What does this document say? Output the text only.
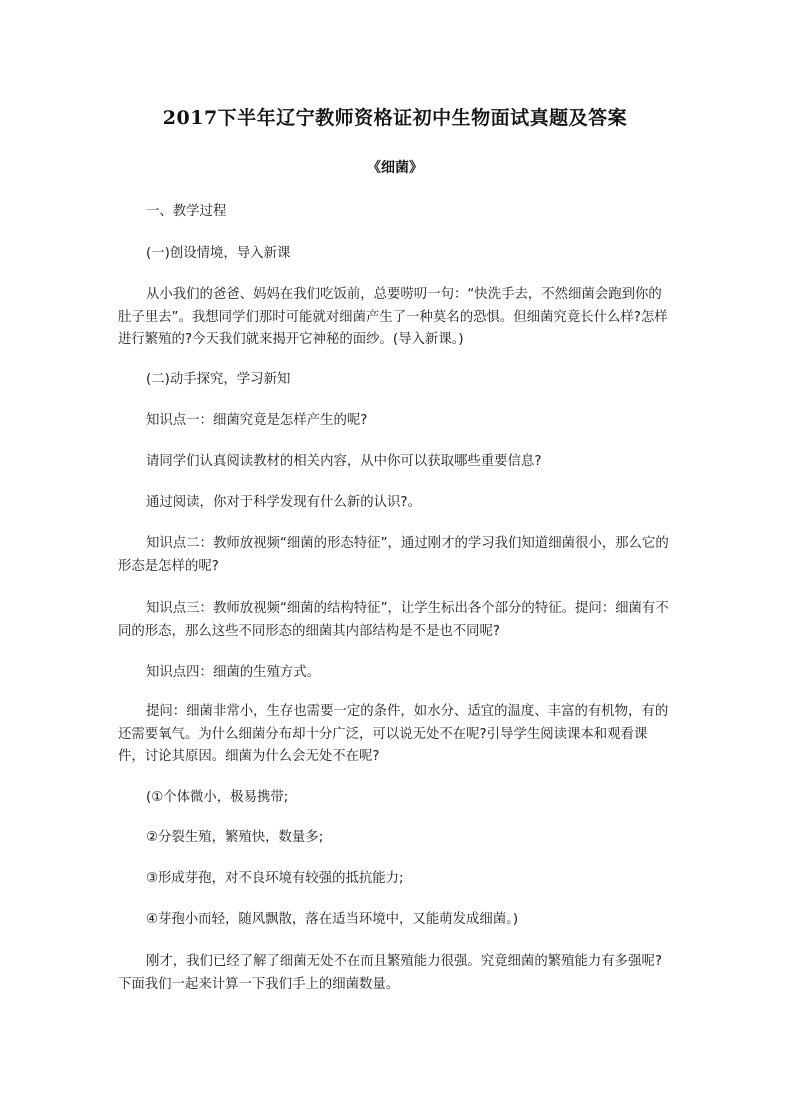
2017下半年辽宁教师资格证初中生物面试真题及答案
《细菌》

一、教学过程

(一)创设情境，导入新课

从小我们的爸爸、妈妈在我们吃饭前，总要唠叨一句：“快洗手去，不然细菌会跑到你的肚子里去”。我想同学们那时可能就对细菌产生了一种莫名的恐惧。但细菌究竟长什么样?怎样进行繁殖的?今天我们就来揭开它神秘的面纱。(导入新课。)

(二)动手探究，学习新知

知识点一：细菌究竟是怎样产生的呢?

请同学们认真阅读教材的相关内容，从中你可以获取哪些重要信息?

通过阅读，你对于科学发现有什么新的认识?。

知识点二：教师放视频“细菌的形态特征”，通过刚才的学习我们知道细菌很小，那么它的形态是怎样的呢?

知识点三：教师放视频“细菌的结构特征”，让学生标出各个部分的特征。提问：细菌有不同的形态，那么这些不同形态的细菌其内部结构是不是也不同呢?

知识点四：细菌的生殖方式。

提问：细菌非常小，生存也需要一定的条件，如水分、适宜的温度、丰富的有机物，有的还需要氧气。为什么细菌分布却十分广泛，可以说无处不在呢?引导学生阅读课本和观看课件，讨论其原因。细菌为什么会无处不在呢?

(①个体微小，极易携带;

②分裂生殖，繁殖快，数量多;

③形成芽孢，对不良环境有较强的抵抗能力;

④芽孢小而轻，随风飘散，落在适当环境中，又能萌发成细菌。)

刚才，我们已经了解了细菌无处不在而且繁殖能力很强。究竟细菌的繁殖能力有多强呢?下面我们一起来计算一下我们手上的细菌数量。
